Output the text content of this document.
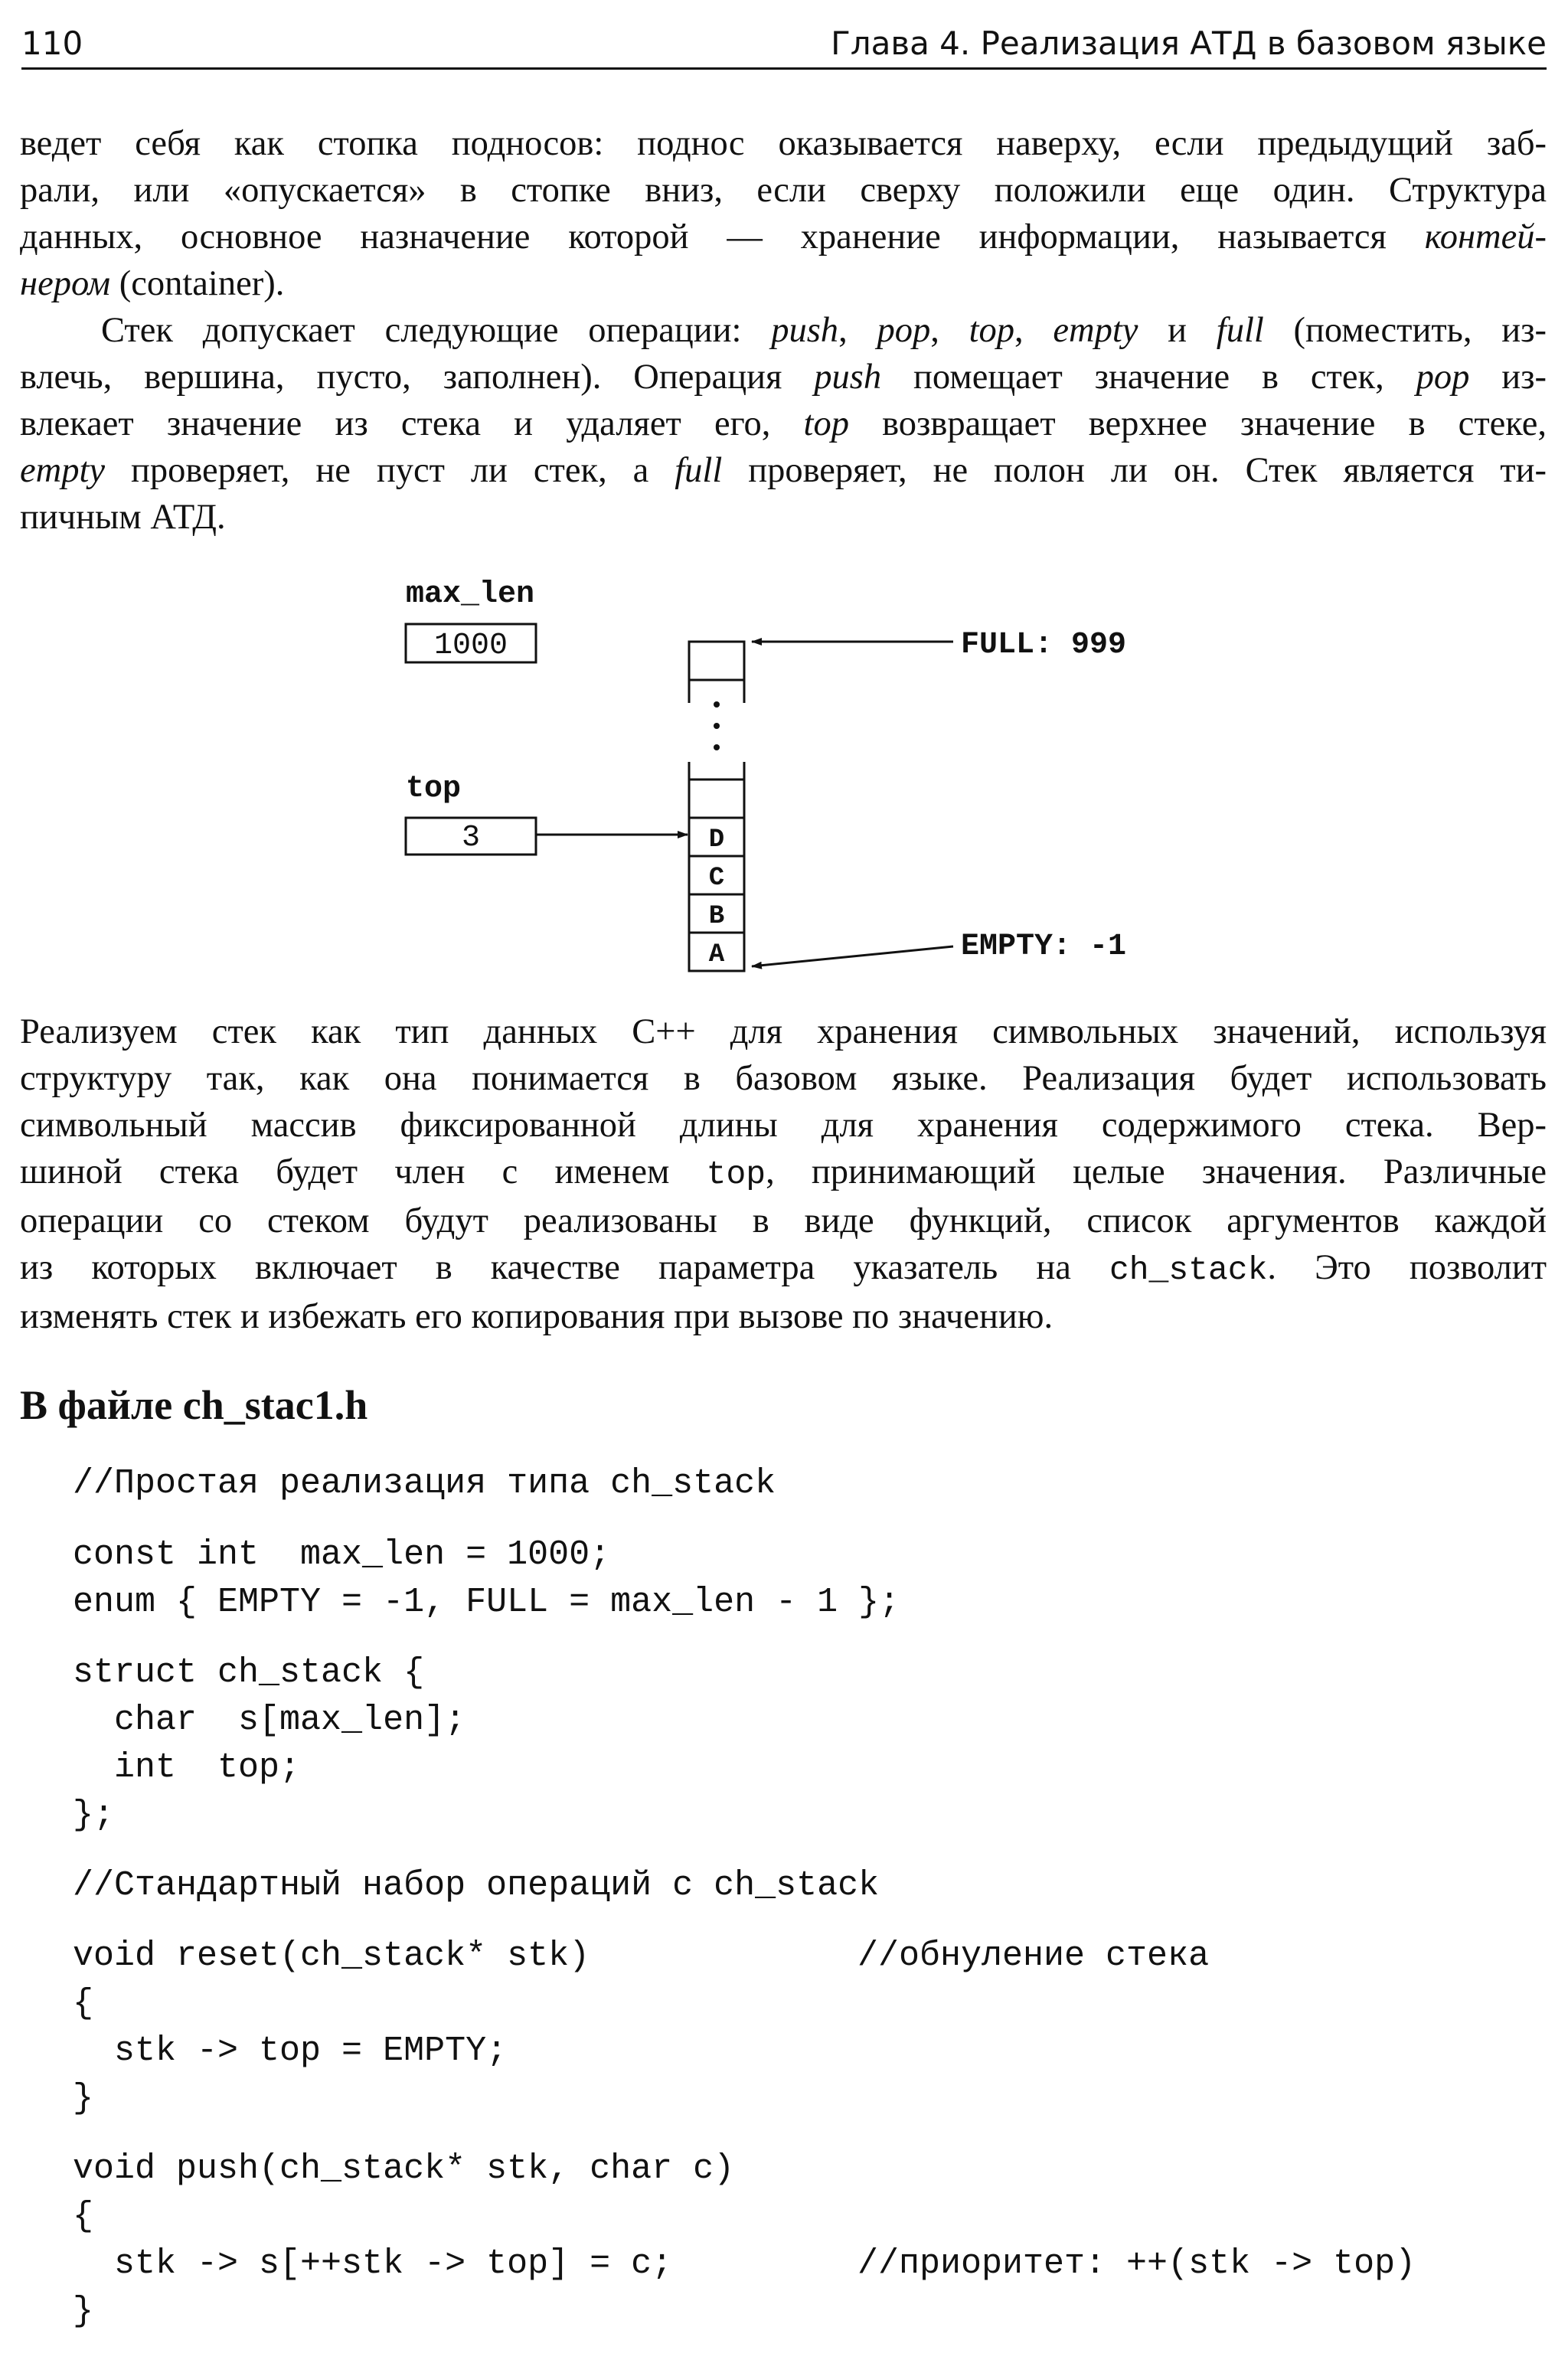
110	Глава 4. Реализация АТД в базовом языке
ведет себя как стопка подносов: поднос оказывается наверху, если предыдущий заб-
рали, или «опускается» в стопке вниз, если сверху положили еще один. Структура
данных, основное назначение которой — хранение информации, называется контей-
нером (container).
Стек допускает следующие операции: push, pop, top, empty и full (поместить, из-
влечь, вершина, пусто, заполнен). Операция push помещает значение в стек, pop из-
влекает значение из стека и удаляет его, top возвращает верхнее значение в стеке,
empty проверяет, не пуст ли стек, а full проверяет, не полон ли он. Стек является ти-
пичным АТД.
max_len
1000
top
3	D
C
B
A
FULL: 999
EMPTY: -1
Реализуем стек как тип данных C++ для хранения символьных значений, используя
структуру так, как она понимается в базовом языке. Реализация будет использовать
символьный массив фиксированной длины для хранения содержимого стека. Вер-
шиной стека будет член с именем top, принимающий целые значения. Различные
операции со стеком будут реализованы в виде функций, список аргументов каждой
из которых включает в качестве параметра указатель на ch_stack. Это позволит
изменять стек и избежать его копирования при вызове по значению.
В файле ch_stac1.h
//Простая реализация типа ch_stack
const int  max_len = 1000;
enum { EMPTY = -1, FULL = max_len - 1 };
struct ch_stack {
char  s[max_len];
int  top;
};
//Стандартный набор операций с ch_stack
void reset(ch_stack* stk)	//обнуление стека
{
stk -> top = EMPTY;
}
void push(ch_stack* stk, char c)
{
stk -> s[++stk -> top] = c;	//приоритет: ++(stk -> top)
}
